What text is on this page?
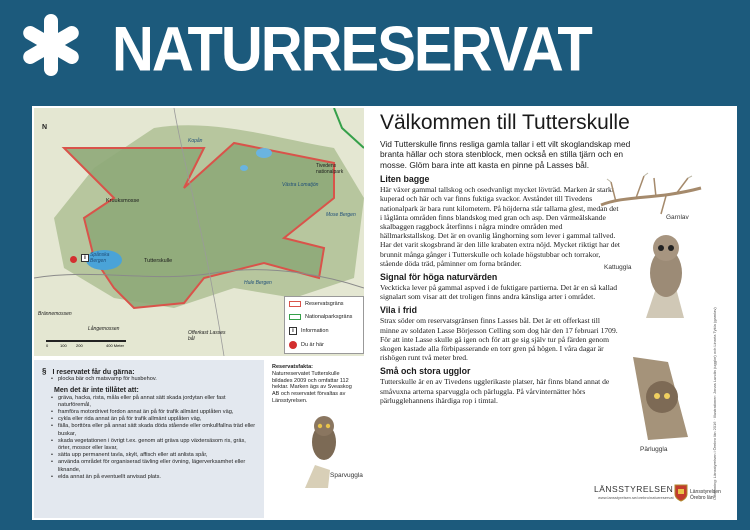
NATURRESERVAT
N
Kopån
Tivedens nationalpark
Västra Lomatjön
Kruuksmosse
Mose Bergen
Spånska Bergen	Tutterskulle
Hule Bergen
Brännemossen
Långemossen
Offerkast Lasses bål
i
0	100 200	400 Meter
Reservatsgräns
Nationalparksgräns
i	Information
Du är här
§ I reservatet får du gärna:
• plocka bär och matsvamp för husbehov.
Men det är inte tillåtet att:
• gräva, hacka, rista, måla eller på annat sätt skada jordytan eller fast naturföremål,
• framföra motordrivet fordon annat än på för trafik allmänt upplåten väg,
• cykla eller rida annat än på för trafik allmänt upplåten väg,
• fälla, borttöra eller på annat sätt skada döda stående eller omkullfallna träd eller buskar,
• skada vegetationen i övrigt t.ex. genom att gräva upp växtersäsom ris, gräs, örter, mossor eller lavar,
• sätta upp permanent tavla, skylt, affisch eller att anlista spår,
• använda området för organiserad tävling eller övning, lägerverksamhet eller liknande,
• elda annat än på eventuellt anvisad plats.
Reservatsfakta:
Naturreservatet Tutterskulle bildades 2009 och omfattar 112 hektar. Marken ägs av Sveaskog AB och reservatet förvaltas av Länsstyrelsen.
Sparvuggla
Välkommen till Tutterskulle
Vid Tutterskulle finns resliga gamla tallar i ett vilt skoglandskap med branta hällar och stora stenblock, men också en stilla tjärn och en mosse. Glöm bara inte att kasta en pinne på Lasses bål.
Liten bagge
Här växer gammal tallskog och osedvanligt mycket lövträd. Marken är starkt kuperad och här och var finns fuktiga svackor. Avståndet till Tivedens nationalpark är bara runt kilometern. På höjderna står tallarna glest, medan det i låglänta områden finns blandskog med gran och asp. Den värmeälskande skalbaggen raggbock återfinns i några mindre områden med hällmarkstallskog. Det är en ovanlig långhorning som lever i gammal tallved. Har det varit skogsbrand är den lille krabaten extra nöjd. Mycket riktigt har det brunnit många gånger i Tutterskulle och kolade högstubbar och torrakor, stående döda träd, påminner om forna bränder.
Signal för höga naturvärden
Veckticka lever på gammal aspved i de fuktigare partierna. Det är en så kallad signalart som visar att det troligen finns andra känsliga arter i området.
Vila i frid
Strax söder om reservatsgränsen finns Lasses bål. Det är ett offerkast till minne av soldaten Lasse Börjesson Celling som dog här den 17 februari 1709. För att inte Lasse skulle gå igen och för att ge sig själv tur på färden genom skogen kastade alla förbipasserande en torr gren på högen. I våra dagar är rishögen runt två meter bred.
Små och stora ugglor
Tutterskulle är en av Tivedens ugglerikaste platser, här finns bland annat de småvuxna arterna sparvuggla och pärluggla. På vårvinternätter hörs pärlugglehannens ihärdiga rop i timtal.
Garnlav
Kattuggla
Pärluggla	Utformning: Länsstyrelsen i Örebro län 2016 · Illustrationer: Jonas Lundin (ugglor) och Linnéa Tykla (garnlav)
LÄNSSTYRELSEN
www.lansstyrelsen.se/orebro/naturreservat
Länsstyrelsen
Örebro län
